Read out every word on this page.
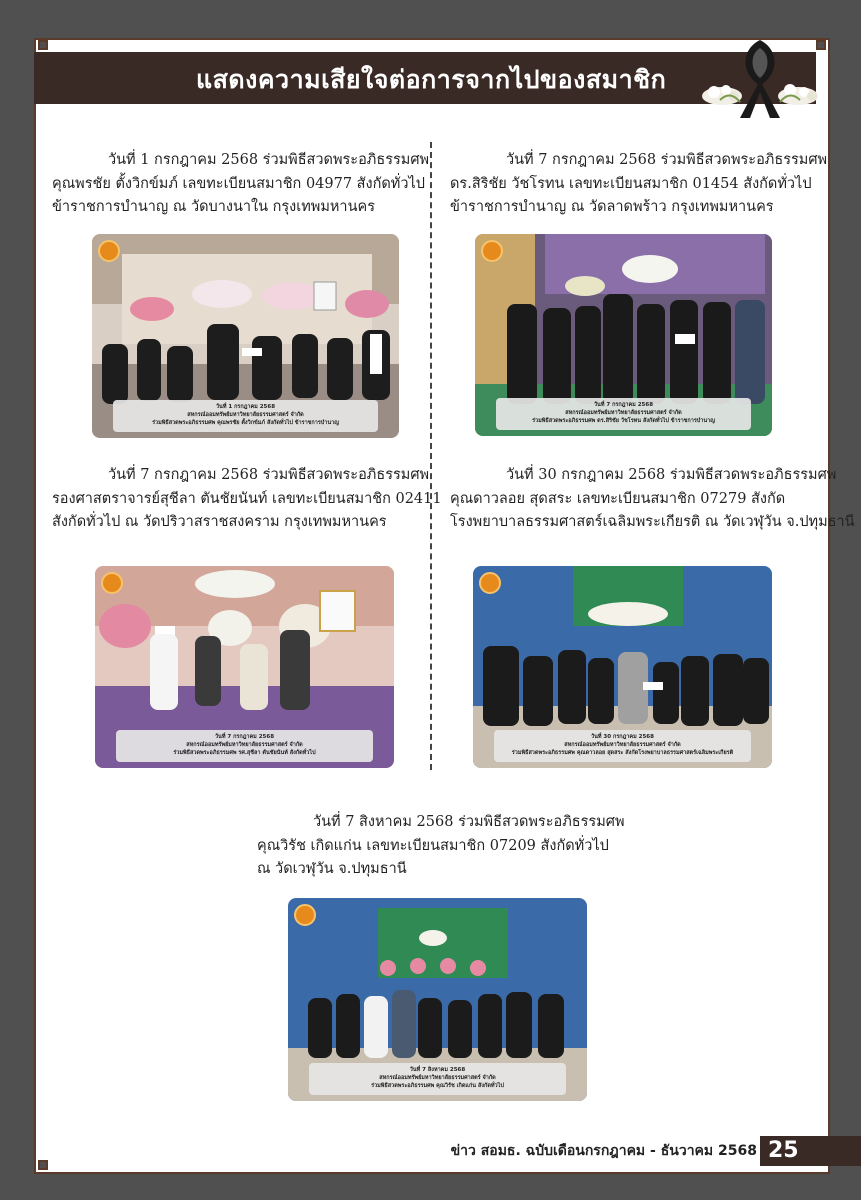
แสดงความเสียใจต่อการจากไปของสมาชิก
วันที่ 1 กรกฎาคม 2568 ร่วมพิธีสวดพระอภิธรรมศพ
คุณพรชัย ตั้งวิกข์มภ์ เลขทะเบียนสมาชิก 04977 สังกัดทั่วไป
ข้าราชการบำนาญ ณ วัดบางนาใน กรุงเทพมหานคร
วันที่ 1 กรกฎาคม 2568
สหกรณ์ออมทรัพย์มหาวิทยาลัยธรรมศาสตร์ จำกัด
ร่วมพิธีสวดพระอภิธรรมศพ คุณพรชัย ตั้งวิกข์มภ์ สังกัดทั่วไป ข้าราชการบำนาญ
วันที่ 7 กรกฎาคม 2568 ร่วมพิธีสวดพระอภิธรรมศพ
ดร.สิริชัย วัชโรทน เลขทะเบียนสมาชิก 01454 สังกัดทั่วไป
ข้าราชการบำนาญ ณ วัดลาดพร้าว กรุงเทพมหานคร
วันที่ 7 กรกฎาคม 2568
สหกรณ์ออมทรัพย์มหาวิทยาลัยธรรมศาสตร์ จำกัด
ร่วมพิธีสวดพระอภิธรรมศพ ดร.สิริชัย วัชโรทน สังกัดทั่วไป ข้าราชการบำนาญ
วันที่ 7 กรกฎาคม 2568 ร่วมพิธีสวดพระอภิธรรมศพ
รองศาสตราจารย์สุชีลา ตันชัยนันท์ เลขทะเบียนสมาชิก 02411
สังกัดทั่วไป ณ วัดปริวาสราชสงคราม กรุงเทพมหานคร
วันที่ 7 กรกฎาคม 2568
สหกรณ์ออมทรัพย์มหาวิทยาลัยธรรมศาสตร์ จำกัด
ร่วมพิธีสวดพระอภิธรรมศพ รศ.สุชีลา ตันชัยนันท์ สังกัดทั่วไป
วันที่ 30 กรกฎาคม 2568 ร่วมพิธีสวดพระอภิธรรมศพ
คุณดาวลอย สุดสระ เลขทะเบียนสมาชิก 07279 สังกัด
โรงพยาบาลธรรมศาสตร์เฉลิมพระเกียรติ ณ วัดเวฬุวัน จ.ปทุมธานี
วันที่ 30 กรกฎาคม 2568
สหกรณ์ออมทรัพย์มหาวิทยาลัยธรรมศาสตร์ จำกัด
ร่วมพิธีสวดพระอภิธรรมศพ คุณดาวลอย สุดสระ สังกัดโรงพยาบาลธรรมศาสตร์เฉลิมพระเกียรติ
วันที่ 7 สิงหาคม 2568 ร่วมพิธีสวดพระอภิธรรมศพ
คุณวิรัช เกิดแก่น เลขทะเบียนสมาชิก 07209 สังกัดทั่วไป
ณ วัดเวฬุวัน จ.ปทุมธานี
วันที่ 7 สิงหาคม 2568
สหกรณ์ออมทรัพย์มหาวิทยาลัยธรรมศาสตร์ จำกัด
ร่วมพิธีสวดพระอภิธรรมศพ คุณวิรัช เกิดแก่น สังกัดทั่วไป
ข่าว สอมธ. ฉบับเดือนกรกฎาคม - ธันวาคม 2568 25
